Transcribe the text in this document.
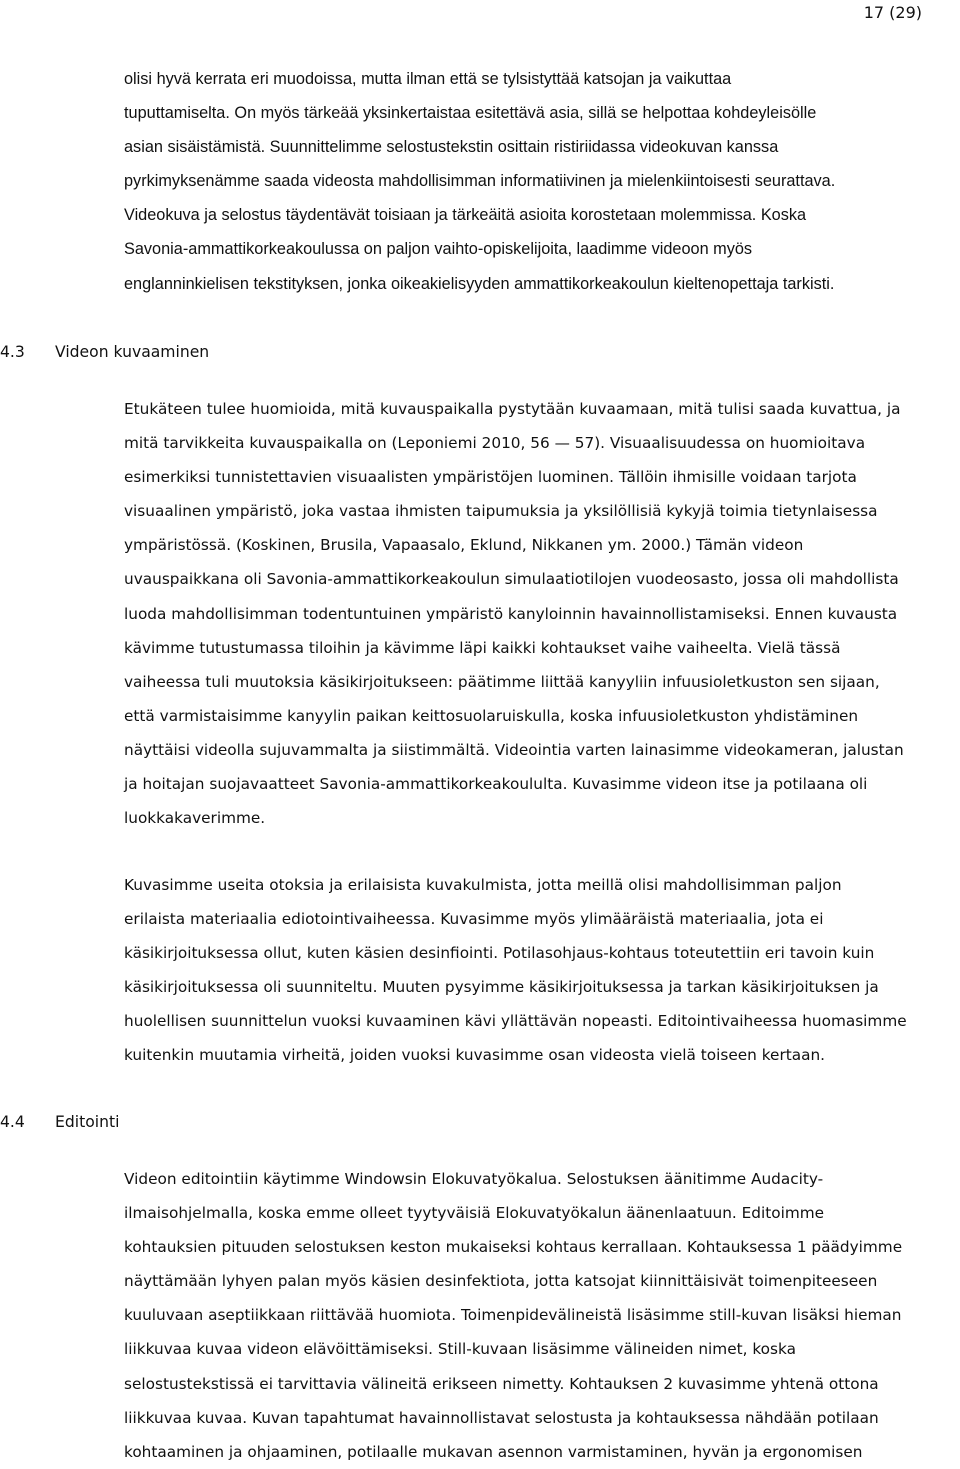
17 (29)

olisi hyvä kerrata eri muodoissa, mutta ilman että se tylsistyttää katsojan ja vaikuttaa
tuputtamiselta. On myös tärkeää yksinkertaistaa esitettävä asia, sillä se helpottaa kohdeyleisölle
asian sisäistämistä. Suunnittelimme selostustekstin osittain ristiriidassa videokuvan kanssa
pyrkimyksenämme saada videosta mahdollisimman informatiivinen ja mielenkiintoisesti seurattava.
Videokuva ja selostus täydentävät toisiaan ja tärkeäitä asioita korostetaan molemmissa. Koska
Savonia-ammattikorkeakoulussa on paljon vaihto-opiskelijoita, laadimme videoon myös
englanninkielisen tekstityksen, jonka oikeakielisyyden ammattikorkeakoulun kieltenopettaja tarkisti.

4.3 Videon kuvaaminen

Etukäteen tulee huomioida, mitä kuvauspaikalla pystytään kuvaamaan, mitä tulisi saada kuvattua, ja
mitä tarvikkeita kuvauspaikalla on (Leponiemi 2010, 56 — 57). Visuaalisuudessa on huomioitava
esimerkiksi tunnistettavien visuaalisten ympäristöjen luominen. Tällöin ihmisille voidaan tarjota
visuaalinen ympäristö, joka vastaa ihmisten taipumuksia ja yksilöllisiä kykyjä toimia tietynlaisessa
ympäristössä. (Koskinen, Brusila, Vapaasalo, Eklund, Nikkanen ym. 2000.) Tämän videon
uvauspaikkana oli Savonia-ammattikorkeakoulun simulaatiotilojen vuodeosasto, jossa oli mahdollista
luoda mahdollisimman todentuntuinen ympäristö kanyloinnin havainnollistamiseksi. Ennen kuvausta
kävimme tutustumassa tiloihin ja kävimme läpi kaikki kohtaukset vaihe vaiheelta. Vielä tässä
vaiheessa tuli muutoksia käsikirjoitukseen: päätimme liittää kanyyliin infuusioletkuston sen sijaan,
että varmistaisimme kanyylin paikan keittosuolaruiskulla, koska infuusioletkuston yhdistäminen
näyttäisi videolla sujuvammalta ja siistimmältä. Videointia varten lainasimme videokameran, jalustan
ja hoitajan suojavaatteet Savonia-ammattikorkeakoululta. Kuvasimme videon itse ja potilaana oli
luokkakaverimme.

Kuvasimme useita otoksia ja erilaisista kuvakulmista, jotta meillä olisi mahdollisimman paljon
erilaista materiaalia ediotointivaiheessa. Kuvasimme myös ylimääräistä materiaalia, jota ei
käsikirjoituksessa ollut, kuten käsien desinfiointi. Potilasohjaus-kohtaus toteutettiin eri tavoin kuin
käsikirjoituksessa oli suunniteltu. Muuten pysyimme käsikirjoituksessa ja tarkan käsikirjoituksen ja
huolellisen suunnittelun vuoksi kuvaaminen kävi yllättävän nopeasti. Editointivaiheessa huomasimme
kuitenkin muutamia virheitä, joiden vuoksi kuvasimme osan videosta vielä toiseen kertaan.

4.4 Editointi

Videon editointiin käytimme Windowsin Elokuvatyökalua. Selostuksen äänitimme Audacity-
ilmaisohjelmalla, koska emme olleet tyytyväisiä Elokuvatyökalun äänenlaatuun. Editoimme
kohtauksien pituuden selostuksen keston mukaiseksi kohtaus kerrallaan. Kohtauksessa 1 päädyimme
näyttämään lyhyen palan myös käsien desinfektiota, jotta katsojat kiinnittäisivät toimenpiteeseen
kuuluvaan aseptiikkaan riittävää huomiota. Toimenpidevälineistä lisäsimme still-kuvan lisäksi hieman
liikkuvaa kuvaa videon elävöittämiseksi. Still-kuvaan lisäsimme välineiden nimet, koska
selostustekstissä ei tarvittavia välineitä erikseen nimetty. Kohtauksen 2 kuvasimme yhtenä ottona
liikkuvaa kuvaa. Kuvan tapahtumat havainnollistavat selostusta ja kohtauksessa nähdään potilaan
kohtaaminen ja ohjaaminen, potilaalle mukavan asennon varmistaminen, hyvän ja ergonomisen
